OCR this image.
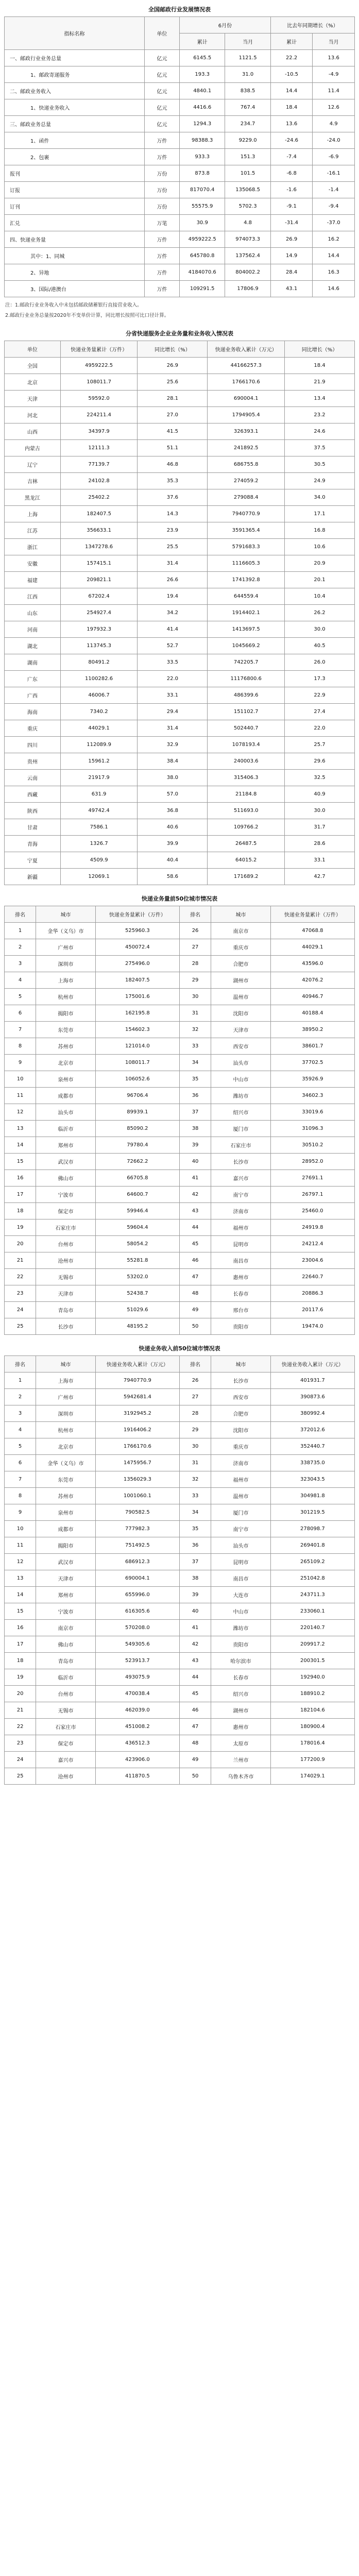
全国邮政行业发展情况表
指标名称	单位	6月份		比去年同期增长（%）	
		累计	当月	累计	当月
一、邮政行业业务总量	亿元	6145.5	1121.5	22.2	13.6
1、邮政寄递服务	亿元	193.3	31.0	-10.5	-4.9
二、邮政业务收入	亿元	4840.1	838.5	14.4	11.4
1、快递业务收入	亿元	4416.6	767.4	18.4	12.6
三、邮政业务总量	亿元	1294.3	234.7	13.6	4.9
1、函件	万件	98388.3	9229.0	-24.6	-24.0
2、包裹	万件	933.3	151.3	-7.4	-6.9
报刊	万份	873.8	101.5	-6.8	-16.1
订报	万份	817070.4	135068.5	-1.6	-1.4
订刊	万份	55575.9	5702.3	-9.1	-9.4
汇兑	万笔	30.9	4.8	-31.4	-37.0
四、快递业务量	万件	4959222.5	974073.3	26.9	16.2
其中：1、同城	万件	645780.8	137562.4	14.9	14.4
2、异地	万件	4184070.6	804002.2	28.4	16.3
3、国际/港澳台	万件	109291.5	17806.9	43.1	14.6
注：1.邮政行业业务收入中未包括邮政储蓄银行直接营业收入。
2.邮政行业业务总量按2020年不变单价计算，同比增长按照可比口径计算。
分省快递服务企业业务量和业务收入情况表
单位	快递业务量累计（万件）	同比增长（%）	快递业务收入累计（万元）	同比增长（%）
全国	4959222.5	26.9	44166257.3	18.4
北京	108011.7	25.6	1766170.6	21.9
天津	59592.0	28.1	690004.1	13.4
河北	224211.4	27.0	1794905.4	23.2
山西	34397.9	41.5	326393.1	24.6
内蒙古	12111.3	51.1	241892.5	37.5
辽宁	77139.7	46.8	686755.8	30.5
吉林	24102.8	35.3	274059.2	24.9
黑龙江	25402.2	37.6	279088.4	34.0
上海	182407.5	14.3	7940770.9	17.1
江苏	356633.1	23.9	3591365.4	16.8
浙江	1347278.6	25.5	5791683.3	10.6
安徽	157415.1	31.4	1116605.3	20.9
福建	209821.1	26.6	1741392.8	20.1
江西	67202.4	19.4	644559.4	10.4
山东	254927.4	34.2	1914402.1	26.2
河南	197932.3	41.4	1413697.5	30.0
湖北	113745.3	52.7	1045669.2	40.5
湖南	80491.2	33.5	742205.7	26.0
广东	1100282.6	22.0	11176800.6	17.3
广西	46006.7	33.1	486399.6	22.9
海南	7340.2	29.4	151102.7	27.4
重庆	44029.1	31.4	502440.7	22.0
四川	112089.9	32.9	1078193.4	25.7
贵州	15961.2	38.4	240003.6	29.6
云南	21917.9	38.0	315406.3	32.5
西藏	631.9	57.0	21184.8	40.9
陕西	49742.4	36.8	511693.0	30.0
甘肃	7586.1	40.6	109766.2	31.7
青海	1326.7	39.9	26487.5	28.6
宁夏	4509.9	40.4	64015.2	33.1
新疆	12069.1	58.6	171689.2	42.7
快递业务量前50位城市情况表
排名	城市	快递业务量累计（万件）	排名	城市	快递业务量累计（万件）
1	金华（义乌）市	525960.3	26	南京市	47068.8
2	广州市	450072.4	27	重庆市	44029.1
3	深圳市	275496.0	28	合肥市	43596.0
4	上海市	182407.5	29	湖州市	42076.2
5	杭州市	175001.6	30	温州市	40946.7
6	揭阳市	162195.8	31	沈阳市	40188.4
7	东莞市	154602.3	32	天津市	38950.2
8	苏州市	121014.0	33	西安市	38601.7
9	北京市	108011.7	34	汕头市	37702.5
10	泉州市	106052.6	35	中山市	35926.9
11	成都市	96706.4	36	潍坊市	34602.3
12	汕头市	89939.1	37	绍兴市	33019.6
13	临沂市	85090.2	38	厦门市	31096.3
14	郑州市	79780.4	39	石家庄市	30510.2
15	武汉市	72662.2	40	长沙市	28952.0
16	佛山市	66705.8	41	嘉兴市	27691.1
17	宁波市	64600.7	42	南宁市	26797.1
18	保定市	59946.4	43	济南市	25460.0
19	石家庄市	59604.4	44	福州市	24919.8
20	台州市	58054.2	45	昆明市	24212.4
21	沧州市	55281.8	46	南昌市	23004.6
22	无锡市	53202.0	47	惠州市	22640.7
23	天津市	52438.7	48	长春市	20886.3
24	青岛市	51029.6	49	邢台市	20117.6
25	长沙市	48195.2	50	贵阳市	19474.0
快递业务收入前50位城市情况表
排名	城市	快递业务收入累计（万元）	排名	城市	快递业务收入累计（万元）
1	上海市	7940770.9	26	长沙市	401931.7
2	广州市	5942681.4	27	西安市	390873.6
3	深圳市	3192945.2	28	合肥市	380992.4
4	杭州市	1916406.2	29	沈阳市	372012.6
5	北京市	1766170.6	30	重庆市	352440.7
6	金华（义乌）市	1475956.7	31	济南市	338735.0
7	东莞市	1356029.3	32	福州市	323043.5
8	苏州市	1001060.1	33	温州市	304981.8
9	泉州市	790582.5	34	厦门市	301219.5
10	成都市	777982.3	35	南宁市	278098.7
11	揭阳市	751492.5	36	汕头市	269401.8
12	武汉市	686912.3	37	昆明市	265109.2
13	天津市	690004.1	38	南昌市	251042.8
14	郑州市	655996.0	39	大连市	243711.3
15	宁波市	616305.6	40	中山市	233060.1
16	南京市	570208.0	41	潍坊市	220140.7
17	佛山市	549305.6	42	贵阳市	209917.2
18	青岛市	523913.7	43	哈尔滨市	200301.5
19	临沂市	493075.9	44	长春市	192940.0
20	台州市	470038.4	45	绍兴市	188910.2
21	无锡市	462039.0	46	湖州市	182104.6
22	石家庄市	451008.2	47	惠州市	180900.4
23	保定市	436512.3	48	太原市	178016.4
24	嘉兴市	423906.0	49	兰州市	177200.9
25	沧州市	411870.5	50	乌鲁木齐市	174029.1
